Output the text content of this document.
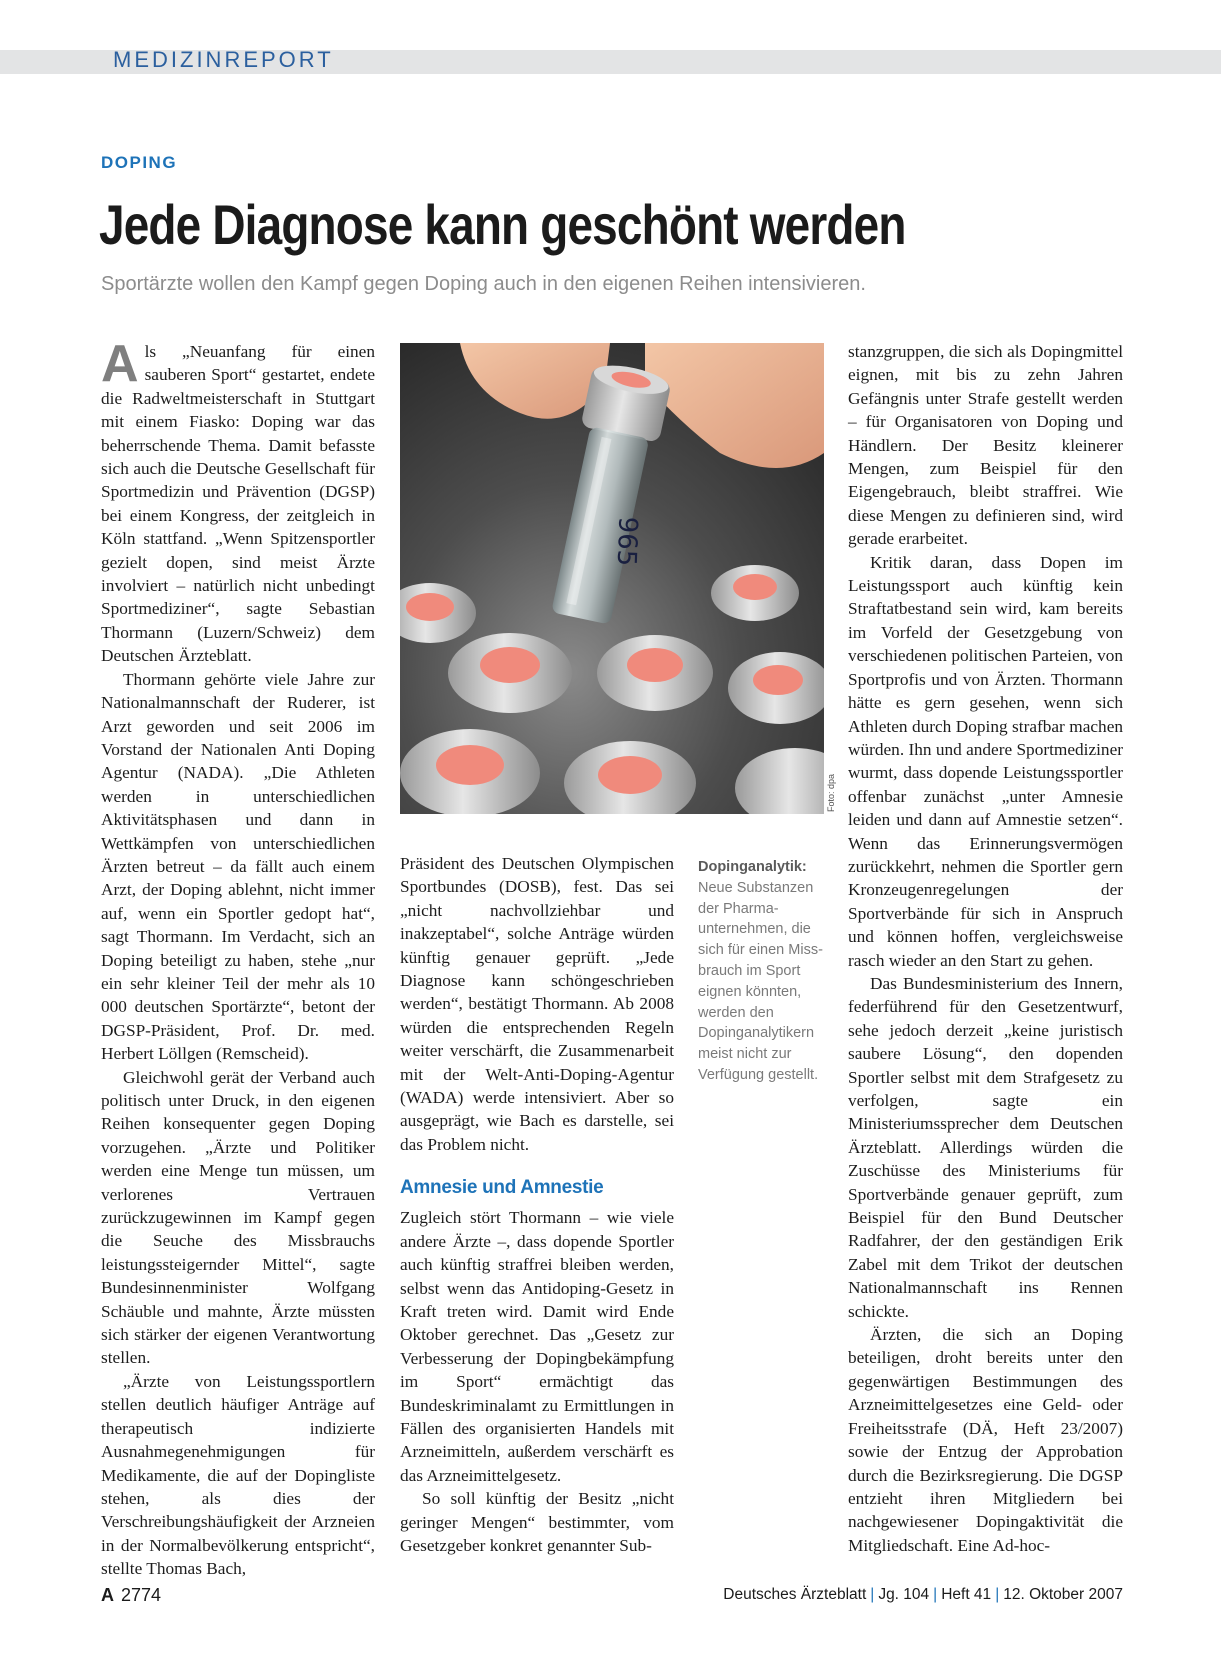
MEDIZINREPORT

DOPING

Jede Diagnose kann geschönt werden

Sportärzte wollen den Kampf gegen Doping auch in den eigenen Reihen intensivieren.

Als „Neuanfang für einen sauberen Sport“ gestartet, endete die Radweltmeisterschaft in Stuttgart mit einem Fiasko: Doping war das beherrschende Thema. Damit befasste sich auch die Deutsche Gesellschaft für Sportmedizin und Prävention (DGSP) bei einem Kongress, der zeitgleich in Köln stattfand. „Wenn Spitzensportler gezielt dopen, sind meist Ärzte involviert – natürlich nicht unbedingt Sportmediziner“, sagte Sebastian Thormann (Luzern/Schweiz) dem Deutschen Ärzteblatt.

Thormann gehörte viele Jahre zur Nationalmannschaft der Ruderer, ist Arzt geworden und seit 2006 im Vorstand der Nationalen Anti Doping Agentur (NADA). „Die Athleten werden in unterschiedlichen Aktivitätsphasen und dann in Wettkämpfen von unterschiedlichen Ärzten betreut – da fällt auch einem Arzt, der Doping ablehnt, nicht immer auf, wenn ein Sportler gedopt hat“, sagt Thormann. Im Verdacht, sich an Doping beteiligt zu haben, stehe „nur ein sehr kleiner Teil der mehr als 10 000 deutschen Sportärzte“, betont der DGSP-Präsident, Prof. Dr. med. Herbert Löllgen (Remscheid).

Gleichwohl gerät der Verband auch politisch unter Druck, in den eigenen Reihen konsequenter gegen Doping vorzugehen. „Ärzte und Politiker werden eine Menge tun müssen, um verlorenes Vertrauen zurückzugewinnen im Kampf gegen die Seuche des Missbrauchs leistungssteigernder Mittel“, sagte Bundesinnenminister Wolfgang Schäuble und mahnte, Ärzte müssten sich stärker der eigenen Verantwortung stellen.

„Ärzte von Leistungssportlern stellen deutlich häufiger Anträge auf therapeutisch indizierte Ausnahmegenehmigungen für Medikamente, die auf der Dopingliste stehen, als dies der Verschreibungshäufigkeit der Arzneien in der Normalbevölkerung entspricht“, stellte Thomas Bach,

965

Foto: dpa

Präsident des Deutschen Olympischen Sportbundes (DOSB), fest. Das sei „nicht nachvollziehbar und inakzeptabel“, solche Anträge würden künftig genauer geprüft. „Jede Diagnose kann schöngeschrieben werden“, bestätigt Thormann. Ab 2008 würden die entsprechenden Regeln weiter verschärft, die Zusammenarbeit mit der Welt-Anti-Doping-Agentur (WADA) werde intensiviert. Aber so ausgeprägt, wie Bach es darstelle, sei das Problem nicht.

Amnesie und Amnestie

Zugleich stört Thormann – wie viele andere Ärzte –, dass dopende Sportler auch künftig straffrei bleiben werden, selbst wenn das Antidoping-Gesetz in Kraft treten wird. Damit wird Ende Oktober gerechnet. Das „Gesetz zur Verbesserung der Dopingbekämpfung im Sport“ ermächtigt das Bundeskriminalamt zu Ermittlungen in Fällen des organisierten Handels mit Arzneimitteln, außerdem verschärft es das Arzneimittelgesetz.

So soll künftig der Besitz „nicht geringer Mengen“ bestimmter, vom Gesetzgeber konkret genannter Sub-

Dopinganalytik:
Neue Substanzen der Pharma-unternehmen, die sich für einen Miss-brauch im Sport eignen könnten, werden den Dopinganalytikern meist nicht zur Verfügung gestellt.

stanzgruppen, die sich als Dopingmittel eignen, mit bis zu zehn Jahren Gefängnis unter Strafe gestellt werden – für Organisatoren von Doping und Händlern. Der Besitz kleinerer Mengen, zum Beispiel für den Eigengebrauch, bleibt straffrei. Wie diese Mengen zu definieren sind, wird gerade erarbeitet.

Kritik daran, dass Dopen im Leistungssport auch künftig kein Straftatbestand sein wird, kam bereits im Vorfeld der Gesetzgebung von verschiedenen politischen Parteien, von Sportprofis und von Ärzten. Thormann hätte es gern gesehen, wenn sich Athleten durch Doping strafbar machen würden. Ihn und andere Sportmediziner wurmt, dass dopende Leistungssportler offenbar zunächst „unter Amnesie leiden und dann auf Amnestie setzen“. Wenn das Erinnerungsvermögen zurückkehrt, nehmen die Sportler gern Kronzeugenregelungen der Sportverbände für sich in Anspruch und können hoffen, vergleichsweise rasch wieder an den Start zu gehen.

Das Bundesministerium des Innern, federführend für den Gesetzentwurf, sehe jedoch derzeit „keine juristisch saubere Lösung“, den dopenden Sportler selbst mit dem Strafgesetz zu verfolgen, sagte ein Ministeriumssprecher dem Deutschen Ärzteblatt. Allerdings würden die Zuschüsse des Ministeriums für Sportverbände genauer geprüft, zum Beispiel für den Bund Deutscher Radfahrer, der den geständigen Erik Zabel mit dem Trikot der deutschen Nationalmannschaft ins Rennen schickte.

Ärzten, die sich an Doping beteiligen, droht bereits unter den gegenwärtigen Bestimmungen des Arzneimittelgesetzes eine Geld- oder Freiheitsstrafe (DÄ, Heft 23/2007) sowie der Entzug der Approbation durch die Bezirksregierung. Die DGSP entzieht ihren Mitgliedern bei nachgewiesener Dopingaktivität die Mitgliedschaft. Eine Ad-hoc-

A 2774	Deutsches Ärzteblatt | Jg. 104 | Heft 41 | 12. Oktober 2007
